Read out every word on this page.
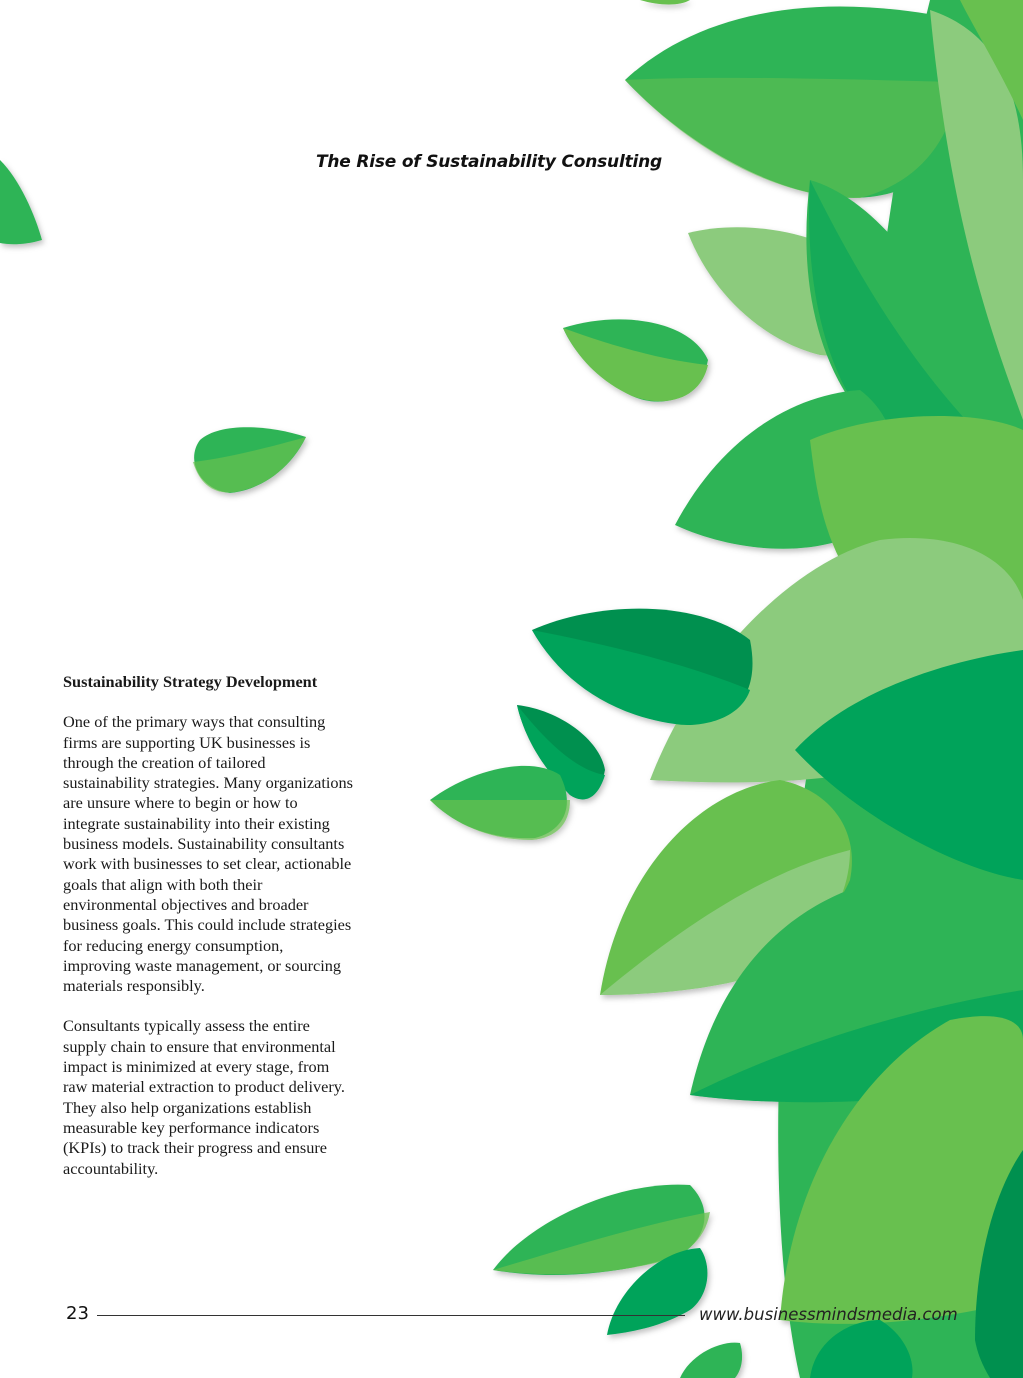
The Rise of Sustainability Consulting

Sustainability Strategy Development

One of the primary ways that consulting firms are supporting UK businesses is through the creation of tailored sustainability strategies. Many organizations are unsure where to begin or how to integrate sustainability into their existing business models. Sustainability consultants work with businesses to set clear, actionable goals that align with both their environmental objectives and broader business goals. This could include strategies for reducing energy consumption, improving waste management, or sourcing materials responsibly.

Consultants typically assess the entire supply chain to ensure that environmental impact is minimized at every stage, from raw material extraction to product delivery. They also help organizations establish measurable key performance indicators (KPIs) to track their progress and ensure accountability.

23	www.businessmindsmedia.com
